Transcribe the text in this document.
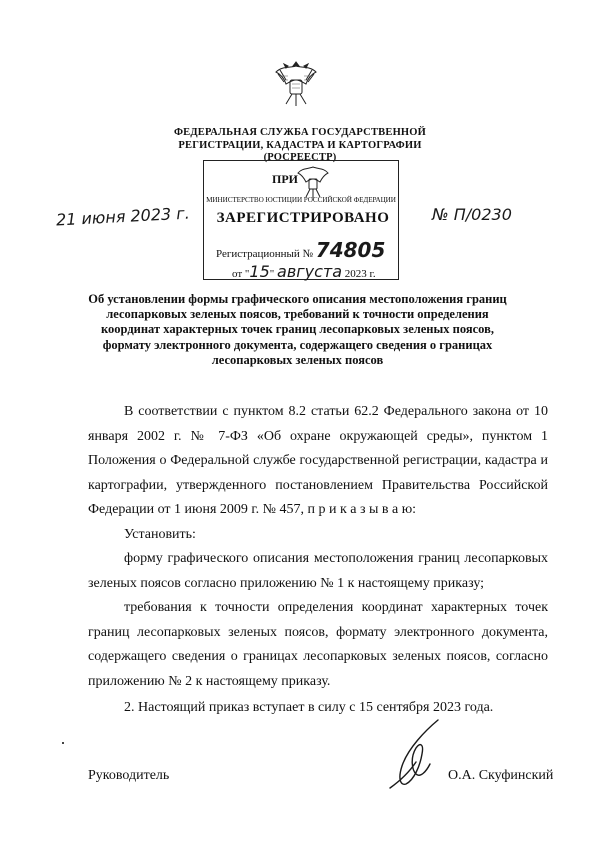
ФЕДЕРАЛЬНАЯ СЛУЖБА ГОСУДАРСТВЕННОЙ
РЕГИСТРАЦИИ, КАДАСТРА И КАРТОГРАФИИ
(РОСРЕЕСТР)
ПРИ
МИНИСТЕРСТВО ЮСТИЦИИ РОССИЙСКОЙ ФЕДЕРАЦИИ
ЗАРЕГИСТРИРОВАНО
Регистрационный № 74805
от "15" августа 2023 г.
21 июня 2023 г.	№ П/0230
Об установлении формы графического описания местоположения границ лесопарковых зеленых поясов, требований к точности определения координат характерных точек границ лесопарковых зеленых поясов, формату электронного документа, содержащего сведения о границах лесопарковых зеленых поясов
В соответствии с пунктом 8.2 статьи 62.2 Федерального закона от 10 января 2002 г. № 7-ФЗ «Об охране окружающей среды», пунктом 1 Положения о Федеральной службе государственной регистрации, кадастра и картографии, утвержденного постановлением Правительства Российской Федерации от 1 июня 2009 г. № 457, п р и к а з ы в а ю:
Установить:
форму графического описания местоположения границ лесопарковых зеленых поясов согласно приложению № 1 к настоящему приказу;
требования к точности определения координат характерных точек границ лесопарковых зеленых поясов, формату электронного документа, содержащего сведения о границах лесопарковых зеленых поясов, согласно приложению № 2 к настоящему приказу.
2. Настоящий приказ вступает в силу с 15 сентября 2023 года.
Руководитель	О.А. Скуфинский
